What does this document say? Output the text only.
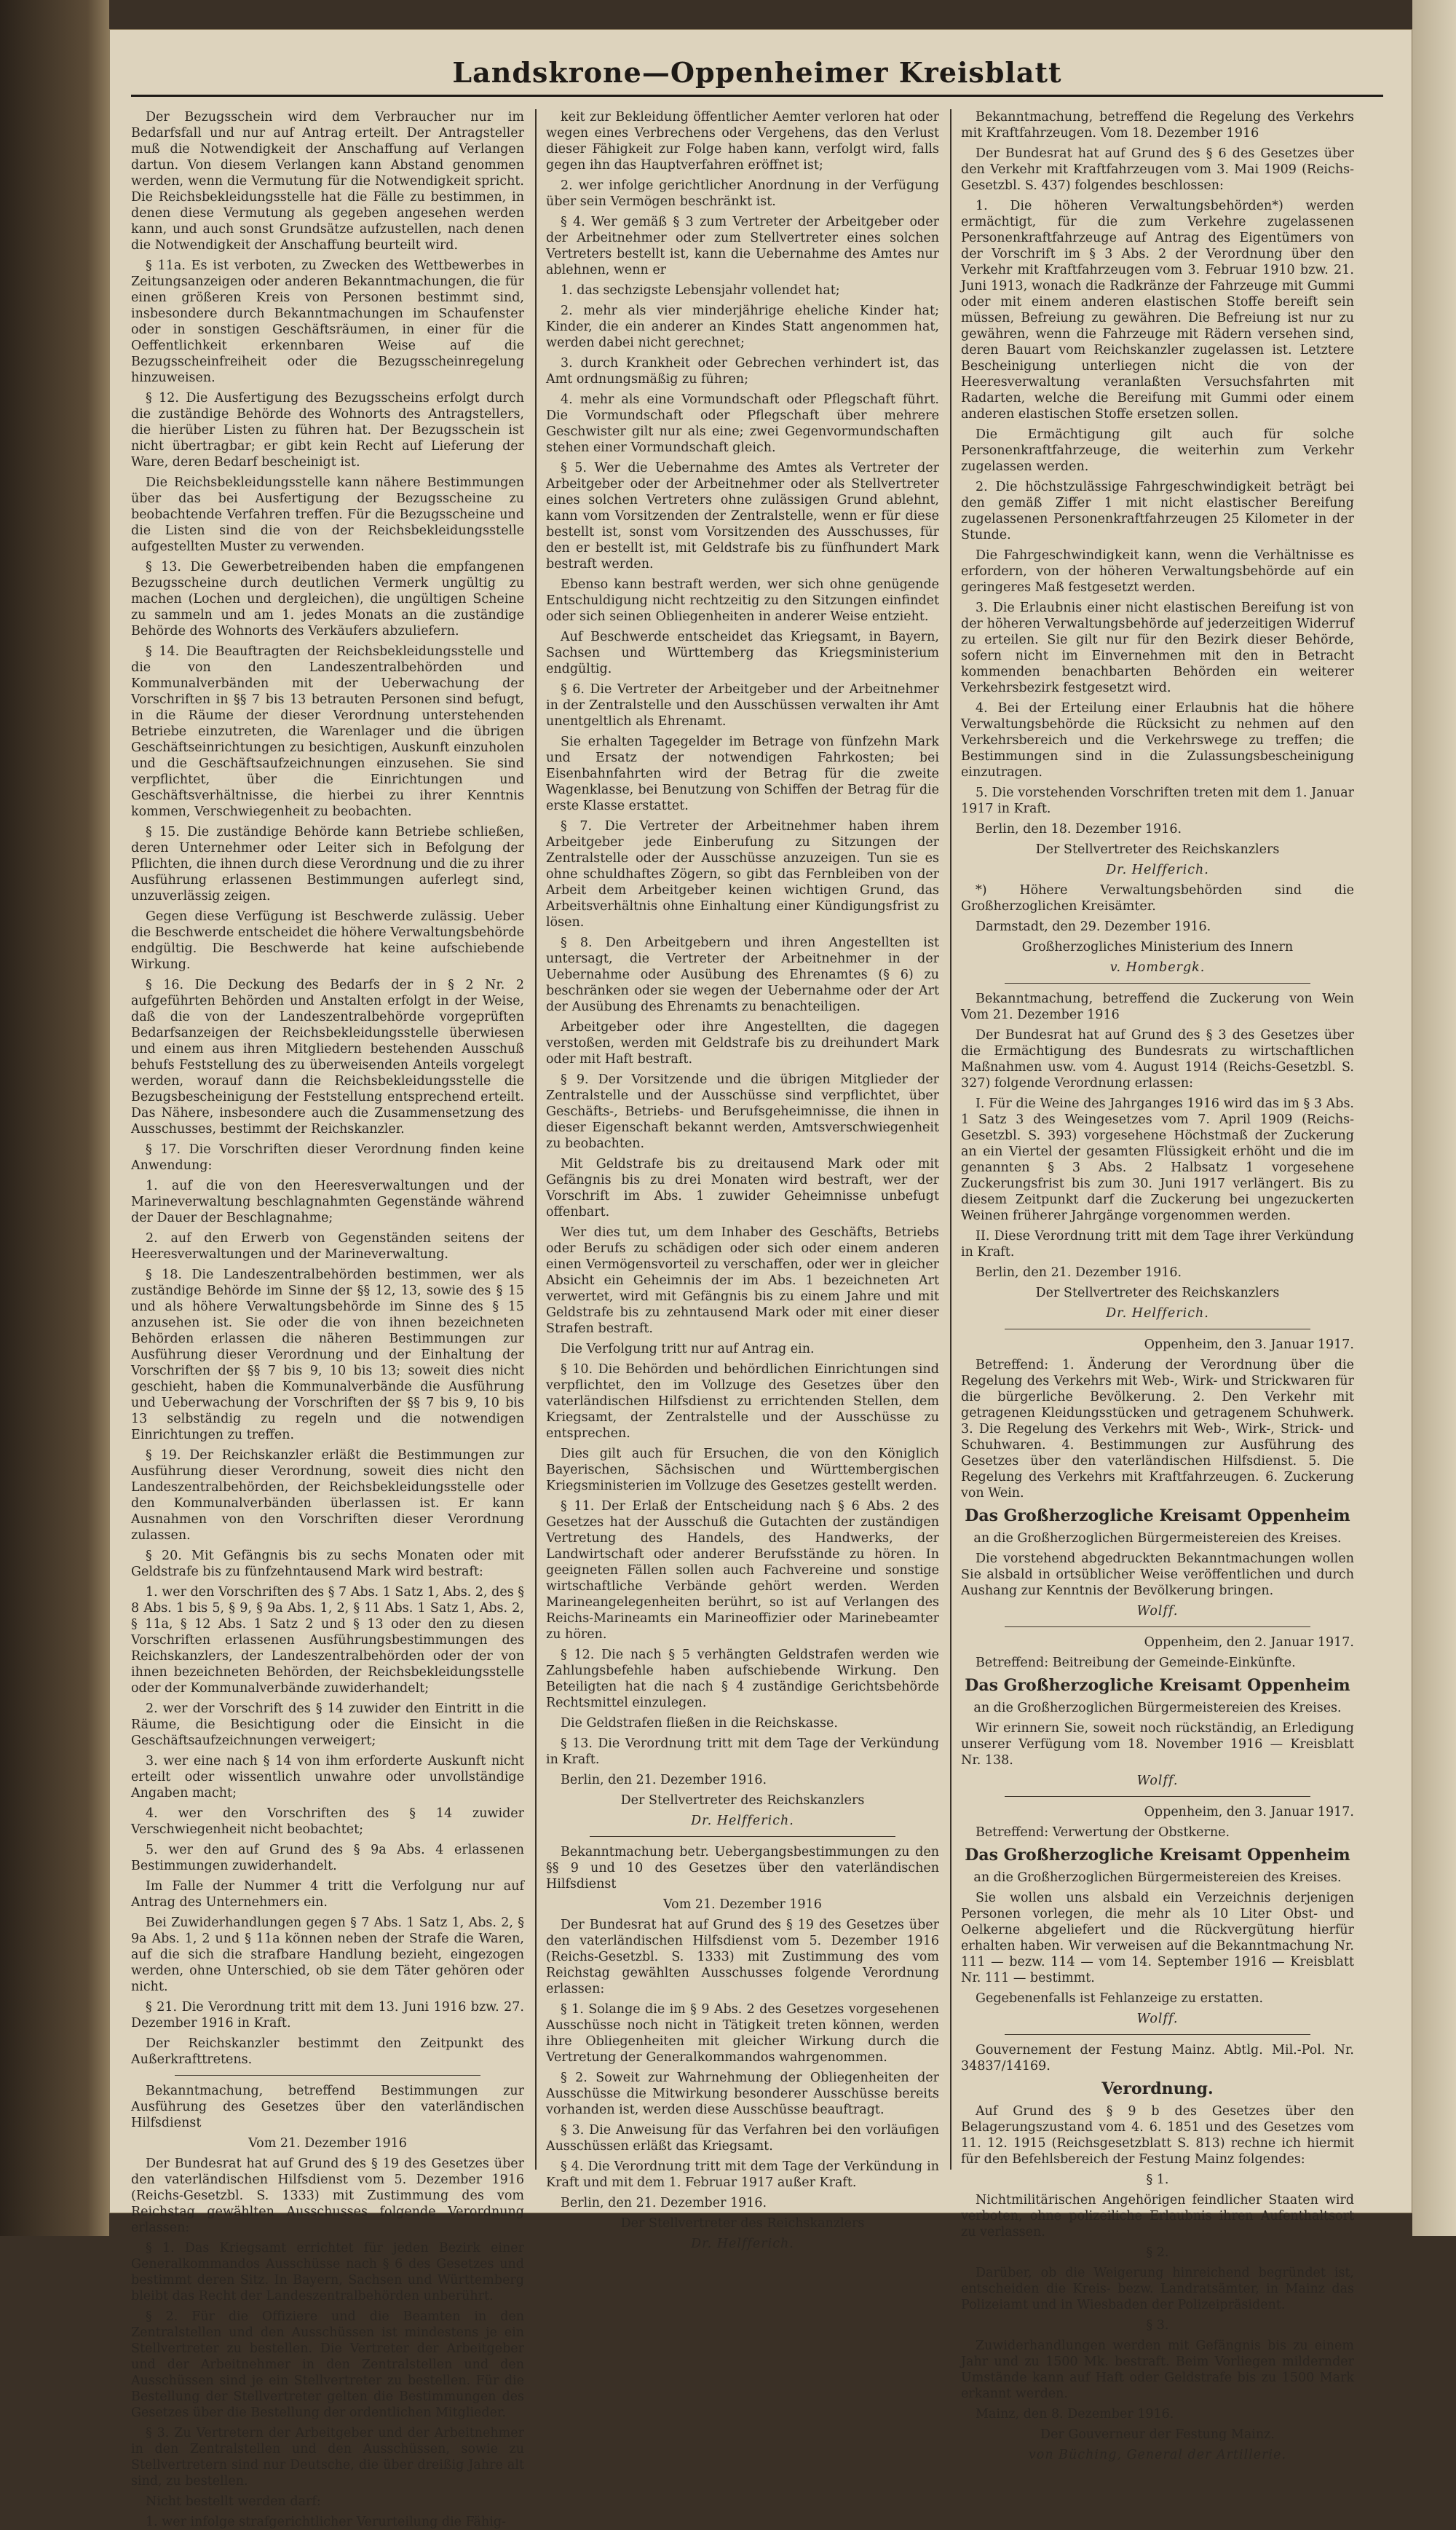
Landskrone—Oppenheimer Kreisblatt

Der Bezugsschein wird dem Verbraucher nur im Bedarfsfall und nur auf Antrag erteilt. Der Antragsteller muß die Notwendigkeit der Anschaffung auf Verlangen dartun. Von diesem Verlangen kann Abstand genommen werden, wenn die Vermutung für die Notwendigkeit spricht. Die Reichsbekleidungsstelle hat die Fälle zu bestimmen, in denen diese Vermutung als gegeben angesehen werden kann, und auch sonst Grundsätze aufzustellen, nach denen die Notwendigkeit der Anschaffung beurteilt wird.

§ 11a. Es ist verboten, zu Zwecken des Wettbewerbes in Zeitungsanzeigen oder anderen Bekanntmachungen, die für einen größeren Kreis von Personen bestimmt sind, insbesondere durch Bekanntmachungen im Schaufenster oder in sonstigen Geschäftsräumen, in einer für die Oeffentlichkeit erkennbaren Weise auf die Bezugsscheinfreiheit oder die Bezugsscheinregelung hinzuweisen.

§ 12. Die Ausfertigung des Bezugsscheins erfolgt durch die zuständige Behörde des Wohnorts des Antragstellers, die hierüber Listen zu führen hat. Der Bezugsschein ist nicht übertragbar; er gibt kein Recht auf Lieferung der Ware, deren Bedarf bescheinigt ist.

Die Reichsbekleidungsstelle kann nähere Bestimmungen über das bei Ausfertigung der Bezugsscheine zu beobachtende Verfahren treffen. Für die Bezugsscheine und die Listen sind die von der Reichsbekleidungsstelle aufgestellten Muster zu verwenden.

§ 13. Die Gewerbetreibenden haben die empfangenen Bezugsscheine durch deutlichen Vermerk ungültig zu machen (Lochen und dergleichen), die ungültigen Scheine zu sammeln und am 1. jedes Monats an die zuständige Behörde des Wohnorts des Verkäufers abzuliefern.

§ 14. Die Beauftragten der Reichsbekleidungsstelle und die von den Landeszentralbehörden und Kommunalverbänden mit der Ueberwachung der Vorschriften in §§ 7 bis 13 betrauten Personen sind befugt, in die Räume der dieser Verordnung unterstehenden Betriebe einzutreten, die Warenlager und die übrigen Geschäftseinrichtungen zu besichtigen, Auskunft einzuholen und die Geschäftsaufzeichnungen einzusehen. Sie sind verpflichtet, über die Einrichtungen und Geschäftsverhältnisse, die hierbei zu ihrer Kenntnis kommen, Verschwiegenheit zu beobachten.

§ 15. Die zuständige Behörde kann Betriebe schließen, deren Unternehmer oder Leiter sich in Befolgung der Pflichten, die ihnen durch diese Verordnung und die zu ihrer Ausführung erlassenen Bestimmungen auferlegt sind, unzuverlässig zeigen.

Gegen diese Verfügung ist Beschwerde zulässig. Ueber die Beschwerde entscheidet die höhere Verwaltungsbehörde endgültig. Die Beschwerde hat keine aufschiebende Wirkung.

§ 16. Die Deckung des Bedarfs der in § 2 Nr. 2 aufgeführten Behörden und Anstalten erfolgt in der Weise, daß die von der Landeszentralbehörde vorgeprüften Bedarfsanzeigen der Reichsbekleidungsstelle überwiesen und einem aus ihren Mitgliedern bestehenden Ausschuß behufs Feststellung des zu überweisenden Anteils vorgelegt werden, worauf dann die Reichsbekleidungsstelle die Bezugsbescheinigung der Feststellung entsprechend erteilt. Das Nähere, insbesondere auch die Zusammensetzung des Ausschusses, bestimmt der Reichskanzler.

§ 17. Die Vorschriften dieser Verordnung finden keine Anwendung:

1. auf die von den Heeresverwaltungen und der Marineverwaltung beschlagnahmten Gegenstände während der Dauer der Beschlagnahme;

2. auf den Erwerb von Gegenständen seitens der Heeresverwaltungen und der Marineverwaltung.

§ 18. Die Landeszentralbehörden bestimmen, wer als zuständige Behörde im Sinne der §§ 12, 13, sowie des § 15 und als höhere Verwaltungsbehörde im Sinne des § 15 anzusehen ist. Sie oder die von ihnen bezeichneten Behörden erlassen die näheren Bestimmungen zur Ausführung dieser Verordnung und der Einhaltung der Vorschriften der §§ 7 bis 9, 10 bis 13; soweit dies nicht geschieht, haben die Kommunalverbände die Ausführung und Ueberwachung der Vorschriften der §§ 7 bis 9, 10 bis 13 selbständig zu regeln und die notwendigen Einrichtungen zu treffen.

§ 19. Der Reichskanzler erläßt die Bestimmungen zur Ausführung dieser Verordnung, soweit dies nicht den Landeszentralbehörden, der Reichsbekleidungsstelle oder den Kommunalverbänden überlassen ist. Er kann Ausnahmen von den Vorschriften dieser Verordnung zulassen.

§ 20. Mit Gefängnis bis zu sechs Monaten oder mit Geldstrafe bis zu fünfzehntausend Mark wird bestraft:

1. wer den Vorschriften des § 7 Abs. 1 Satz 1, Abs. 2, des § 8 Abs. 1 bis 5, § 9, § 9a Abs. 1, 2, § 11 Abs. 1 Satz 1, Abs. 2, § 11a, § 12 Abs. 1 Satz 2 und § 13 oder den zu diesen Vorschriften erlassenen Ausführungsbestimmungen des Reichskanzlers, der Landeszentralbehörden oder der von ihnen bezeichneten Behörden, der Reichsbekleidungsstelle oder der Kommunalverbände zuwiderhandelt;

2. wer der Vorschrift des § 14 zuwider den Eintritt in die Räume, die Besichtigung oder die Einsicht in die Geschäftsaufzeichnungen verweigert;

3. wer eine nach § 14 von ihm erforderte Auskunft nicht erteilt oder wissentlich unwahre oder unvollständige Angaben macht;

4. wer den Vorschriften des § 14 zuwider Verschwiegenheit nicht beobachtet;

5. wer den auf Grund des § 9a Abs. 4 erlassenen Bestimmungen zuwiderhandelt.

Im Falle der Nummer 4 tritt die Verfolgung nur auf Antrag des Unternehmers ein.

Bei Zuwiderhandlungen gegen § 7 Abs. 1 Satz 1, Abs. 2, § 9a Abs. 1, 2 und § 11a können neben der Strafe die Waren, auf die sich die strafbare Handlung bezieht, eingezogen werden, ohne Unterschied, ob sie dem Täter gehören oder nicht.

§ 21. Die Verordnung tritt mit dem 13. Juni 1916 bzw. 27. Dezember 1916 in Kraft.

Der Reichskanzler bestimmt den Zeitpunkt des Außerkrafttretens.

Bekanntmachung, betreffend Bestimmungen zur Ausführung des Gesetzes über den vaterländischen Hilfsdienst

Vom 21. Dezember 1916

Der Bundesrat hat auf Grund des § 19 des Gesetzes über den vaterländischen Hilfsdienst vom 5. Dezember 1916 (Reichs-Gesetzbl. S. 1333) mit Zustimmung des vom Reichstag gewählten Ausschusses folgende Verordnung erlassen:

§ 1. Das Kriegsamt errichtet für jeden Bezirk einer Generalkommandos Ausschüsse nach § 6 des Gesetzes und bestimmt deren Sitz. In Bayern, Sachsen und Württemberg bleibt das Recht der Landeszentralbehörden unberührt.

§ 2. Für die Offiziere und die Beamten in den Zentralstellen und den Ausschüssen ist mindestens je ein Stellvertreter zu bestellen. Die Vertreter der Arbeitgeber und der Arbeitnehmer in den Zentralstellen und den Ausschüssen sind je ein Stellvertreter zu bestellen. Für die Bestellung der Stellvertreter gelten die Bestimmungen des Gesetzes über die Bestellung der ordentlichen Mitglieder.

§ 3. Zu Vertretern der Arbeitgeber und der Arbeitnehmer in den Zentralstellen und den Ausschüssen, sowie zu Stellvertretern sind nur Deutsche, die über dreißig Jahre alt sind, zu bestellen.

Nicht bestellt werden darf:

1. wer infolge strafgerichtlicher Verurteilung die Fähig-

keit zur Bekleidung öffentlicher Aemter verloren hat oder wegen eines Verbrechens oder Vergehens, das den Verlust dieser Fähigkeit zur Folge haben kann, verfolgt wird, falls gegen ihn das Hauptverfahren eröffnet ist;

2. wer infolge gerichtlicher Anordnung in der Verfügung über sein Vermögen beschränkt ist.

§ 4. Wer gemäß § 3 zum Vertreter der Arbeitgeber oder der Arbeitnehmer oder zum Stellvertreter eines solchen Vertreters bestellt ist, kann die Uebernahme des Amtes nur ablehnen, wenn er

1. das sechzigste Lebensjahr vollendet hat;

2. mehr als vier minderjährige eheliche Kinder hat; Kinder, die ein anderer an Kindes Statt angenommen hat, werden dabei nicht gerechnet;

3. durch Krankheit oder Gebrechen verhindert ist, das Amt ordnungsmäßig zu führen;

4. mehr als eine Vormundschaft oder Pflegschaft führt. Die Vormundschaft oder Pflegschaft über mehrere Geschwister gilt nur als eine; zwei Gegenvormundschaften stehen einer Vormundschaft gleich.

§ 5. Wer die Uebernahme des Amtes als Vertreter der Arbeitgeber oder der Arbeitnehmer oder als Stellvertreter eines solchen Vertreters ohne zulässigen Grund ablehnt, kann vom Vorsitzenden der Zentralstelle, wenn er für diese bestellt ist, sonst vom Vorsitzenden des Ausschusses, für den er bestellt ist, mit Geldstrafe bis zu fünfhundert Mark bestraft werden.

Ebenso kann bestraft werden, wer sich ohne genügende Entschuldigung nicht rechtzeitig zu den Sitzungen einfindet oder sich seinen Obliegenheiten in anderer Weise entzieht.

Auf Beschwerde entscheidet das Kriegsamt, in Bayern, Sachsen und Württemberg das Kriegsministerium endgültig.

§ 6. Die Vertreter der Arbeitgeber und der Arbeitnehmer in der Zentralstelle und den Ausschüssen verwalten ihr Amt unentgeltlich als Ehrenamt.

Sie erhalten Tagegelder im Betrage von fünfzehn Mark und Ersatz der notwendigen Fahrkosten; bei Eisenbahnfahrten wird der Betrag für die zweite Wagenklasse, bei Benutzung von Schiffen der Betrag für die erste Klasse erstattet.

§ 7. Die Vertreter der Arbeitnehmer haben ihrem Arbeitgeber jede Einberufung zu Sitzungen der Zentralstelle oder der Ausschüsse anzuzeigen. Tun sie es ohne schuldhaftes Zögern, so gibt das Fernbleiben von der Arbeit dem Arbeitgeber keinen wichtigen Grund, das Arbeitsverhältnis ohne Einhaltung einer Kündigungsfrist zu lösen.

§ 8. Den Arbeitgebern und ihren Angestellten ist untersagt, die Vertreter der Arbeitnehmer in der Uebernahme oder Ausübung des Ehrenamtes (§ 6) zu beschränken oder sie wegen der Uebernahme oder der Art der Ausübung des Ehrenamts zu benachteiligen.

Arbeitgeber oder ihre Angestellten, die dagegen verstoßen, werden mit Geldstrafe bis zu dreihundert Mark oder mit Haft bestraft.

§ 9. Der Vorsitzende und die übrigen Mitglieder der Zentralstelle und der Ausschüsse sind verpflichtet, über Geschäfts-, Betriebs- und Berufsgeheimnisse, die ihnen in dieser Eigenschaft bekannt werden, Amtsverschwiegenheit zu beobachten.

Mit Geldstrafe bis zu dreitausend Mark oder mit Gefängnis bis zu drei Monaten wird bestraft, wer der Vorschrift im Abs. 1 zuwider Geheimnisse unbefugt offenbart.

Wer dies tut, um dem Inhaber des Geschäfts, Betriebs oder Berufs zu schädigen oder sich oder einem anderen einen Vermögensvorteil zu verschaffen, oder wer in gleicher Absicht ein Geheimnis der im Abs. 1 bezeichneten Art verwertet, wird mit Gefängnis bis zu einem Jahre und mit Geldstrafe bis zu zehntausend Mark oder mit einer dieser Strafen bestraft.

Die Verfolgung tritt nur auf Antrag ein.

§ 10. Die Behörden und behördlichen Einrichtungen sind verpflichtet, den im Vollzuge des Gesetzes über den vaterländischen Hilfsdienst zu errichtenden Stellen, dem Kriegsamt, der Zentralstelle und der Ausschüsse zu entsprechen.

Dies gilt auch für Ersuchen, die von den Königlich Bayerischen, Sächsischen und Württembergischen Kriegsministerien im Vollzuge des Gesetzes gestellt werden.

§ 11. Der Erlaß der Entscheidung nach § 6 Abs. 2 des Gesetzes hat der Ausschuß die Gutachten der zuständigen Vertretung des Handels, des Handwerks, der Landwirtschaft oder anderer Berufsstände zu hören. In geeigneten Fällen sollen auch Fachvereine und sonstige wirtschaftliche Verbände gehört werden. Werden Marineangelegenheiten berührt, so ist auf Verlangen des Reichs-Marineamts ein Marineoffizier oder Marinebeamter zu hören.

§ 12. Die nach § 5 verhängten Geldstrafen werden wie Zahlungsbefehle haben aufschiebende Wirkung. Den Beteiligten hat die nach § 4 zuständige Gerichtsbehörde Rechtsmittel einzulegen.

Die Geldstrafen fließen in die Reichskasse.

§ 13. Die Verordnung tritt mit dem Tage der Verkündung in Kraft.

Berlin, den 21. Dezember 1916.

Der Stellvertreter des Reichskanzlers

Dr. Helfferich.

Bekanntmachung betr. Uebergangsbestimmungen zu den §§ 9 und 10 des Gesetzes über den vaterländischen Hilfsdienst

Vom 21. Dezember 1916

Der Bundesrat hat auf Grund des § 19 des Gesetzes über den vaterländischen Hilfsdienst vom 5. Dezember 1916 (Reichs-Gesetzbl. S. 1333) mit Zustimmung des vom Reichstag gewählten Ausschusses folgende Verordnung erlassen:

§ 1. Solange die im § 9 Abs. 2 des Gesetzes vorgesehenen Ausschüsse noch nicht in Tätigkeit treten können, werden ihre Obliegenheiten mit gleicher Wirkung durch die Vertretung der Generalkommandos wahrgenommen.

§ 2. Soweit zur Wahrnehmung der Obliegenheiten der Ausschüsse die Mitwirkung besonderer Ausschüsse bereits vorhanden ist, werden diese Ausschüsse beauftragt.

§ 3. Die Anweisung für das Verfahren bei den vorläufigen Ausschüssen erläßt das Kriegsamt.

§ 4. Die Verordnung tritt mit dem Tage der Verkündung in Kraft und mit dem 1. Februar 1917 außer Kraft.

Berlin, den 21. Dezember 1916.

Der Stellvertreter des Reichskanzlers

Dr. Helfferich.

Bekanntmachung, betreffend die Regelung des Verkehrs mit Kraftfahrzeugen. Vom 18. Dezember 1916

Der Bundesrat hat auf Grund des § 6 des Gesetzes über den Verkehr mit Kraftfahrzeugen vom 3. Mai 1909 (Reichs-Gesetzbl. S. 437) folgendes beschlossen:

1. Die höheren Verwaltungsbehörden*) werden ermächtigt, für die zum Verkehre zugelassenen Personenkraftfahrzeuge auf Antrag des Eigentümers von der Vorschrift im § 3 Abs. 2 der Verordnung über den Verkehr mit Kraftfahrzeugen vom 3. Februar 1910 bzw. 21. Juni 1913, wonach die Radkränze der Fahrzeuge mit Gummi oder mit einem anderen elastischen Stoffe bereift sein müssen, Befreiung zu gewähren. Die Befreiung ist nur zu gewähren, wenn die Fahrzeuge mit Rädern versehen sind, deren Bauart vom Reichskanzler zugelassen ist. Letztere Bescheinigung unterliegen nicht die von der Heeresverwaltung veranlaßten Versuchsfahrten mit Radarten, welche die Bereifung mit Gummi oder einem anderen elastischen Stoffe ersetzen sollen.

Die Ermächtigung gilt auch für solche Personenkraftfahrzeuge, die weiterhin zum Verkehr zugelassen werden.

2. Die höchstzulässige Fahrgeschwindigkeit beträgt bei den gemäß Ziffer 1 mit nicht elastischer Bereifung zugelassenen Personenkraftfahrzeugen 25 Kilometer in der Stunde.

Die Fahrgeschwindigkeit kann, wenn die Verhältnisse es erfordern, von der höheren Verwaltungsbehörde auf ein geringeres Maß festgesetzt werden.

3. Die Erlaubnis einer nicht elastischen Bereifung ist von der höheren Verwaltungsbehörde auf jederzeitigen Widerruf zu erteilen. Sie gilt nur für den Bezirk dieser Behörde, sofern nicht im Einvernehmen mit den in Betracht kommenden benachbarten Behörden ein weiterer Verkehrsbezirk festgesetzt wird.

4. Bei der Erteilung einer Erlaubnis hat die höhere Verwaltungsbehörde die Rücksicht zu nehmen auf den Verkehrsbereich und die Verkehrswege zu treffen; die Bestimmungen sind in die Zulassungsbescheinigung einzutragen.

5. Die vorstehenden Vorschriften treten mit dem 1. Januar 1917 in Kraft.

Berlin, den 18. Dezember 1916.

Der Stellvertreter des Reichskanzlers

Dr. Helfferich.

*) Höhere Verwaltungsbehörden sind die Großherzoglichen Kreisämter.

Darmstadt, den 29. Dezember 1916.

Großherzogliches Ministerium des Innern

v. Hombergk.

Bekanntmachung, betreffend die Zuckerung von Wein Vom 21. Dezember 1916

Der Bundesrat hat auf Grund des § 3 des Gesetzes über die Ermächtigung des Bundesrats zu wirtschaftlichen Maßnahmen usw. vom 4. August 1914 (Reichs-Gesetzbl. S. 327) folgende Verordnung erlassen:

I. Für die Weine des Jahrganges 1916 wird das im § 3 Abs. 1 Satz 3 des Weingesetzes vom 7. April 1909 (Reichs-Gesetzbl. S. 393) vorgesehene Höchstmaß der Zuckerung an ein Viertel der gesamten Flüssigkeit erhöht und die im genannten § 3 Abs. 2 Halbsatz 1 vorgesehene Zuckerungsfrist bis zum 30. Juni 1917 verlängert. Bis zu diesem Zeitpunkt darf die Zuckerung bei ungezuckerten Weinen früherer Jahrgänge vorgenommen werden.

II. Diese Verordnung tritt mit dem Tage ihrer Verkündung in Kraft.

Berlin, den 21. Dezember 1916.

Der Stellvertreter des Reichskanzlers

Dr. Helfferich.

Oppenheim, den 3. Januar 1917.

Betreffend: 1. Änderung der Verordnung über die Regelung des Verkehrs mit Web-, Wirk- und Strickwaren für die bürgerliche Bevölkerung. 2. Den Verkehr mit getragenen Kleidungsstücken und getragenem Schuhwerk. 3. Die Regelung des Verkehrs mit Web-, Wirk-, Strick- und Schuhwaren. 4. Bestimmungen zur Ausführung des Gesetzes über den vaterländischen Hilfsdienst. 5. Die Regelung des Verkehrs mit Kraftfahrzeugen. 6. Zuckerung von Wein.

Das Großherzogliche Kreisamt Oppenheim

an die Großherzoglichen Bürgermeistereien des Kreises.

Die vorstehend abgedruckten Bekanntmachungen wollen Sie alsbald in ortsüblicher Weise veröffentlichen und durch Aushang zur Kenntnis der Bevölkerung bringen.

Wolff.

Oppenheim, den 2. Januar 1917.

Betreffend: Beitreibung der Gemeinde-Einkünfte.

Das Großherzogliche Kreisamt Oppenheim

an die Großherzoglichen Bürgermeistereien des Kreises.

Wir erinnern Sie, soweit noch rückständig, an Erledigung unserer Verfügung vom 18. November 1916 — Kreisblatt Nr. 138.

Wolff.

Oppenheim, den 3. Januar 1917.

Betreffend: Verwertung der Obstkerne.

Das Großherzogliche Kreisamt Oppenheim

an die Großherzoglichen Bürgermeistereien des Kreises.

Sie wollen uns alsbald ein Verzeichnis derjenigen Personen vorlegen, die mehr als 10 Liter Obst- und Oelkerne abgeliefert und die Rückvergütung hierfür erhalten haben. Wir verweisen auf die Bekanntmachung Nr. 111 — bezw. 114 — vom 14. September 1916 — Kreisblatt Nr. 111 — bestimmt.

Gegebenenfalls ist Fehlanzeige zu erstatten.

Wolff.

Gouvernement der Festung Mainz. Abtlg. Mil.-Pol. Nr. 34837/14169.

Verordnung.

Auf Grund des § 9 b des Gesetzes über den Belagerungszustand vom 4. 6. 1851 und des Gesetzes vom 11. 12. 1915 (Reichsgesetzblatt S. 813) rechne ich hiermit für den Befehlsbereich der Festung Mainz folgendes:

§ 1.

Nichtmilitärischen Angehörigen feindlicher Staaten wird verboten, ohne polizeiliche Erlaubnis ihren Aufenthaltsort zu verlassen.

§ 2.

Darüber, ob die Weigerung hinreichend begründet ist, entscheiden die Kreis- bezw. Landratsämter, in Mainz das Polizeiamt und in Wiesbaden der Polizeipräsident.

§ 3.

Zuwiderhandlungen werden mit Gefängnis bis zu einem Jahr und zu 1500 Mk. bestraft. Beim Vorliegen mildernder Umstände kann auf Haft oder Geldstrafe bis zu 1500 Mark erkannt werden.

Mainz, den 8. Dezember 1916.

Der Gouverneur der Festung Mainz.

von Büching, General der Artillerie.
